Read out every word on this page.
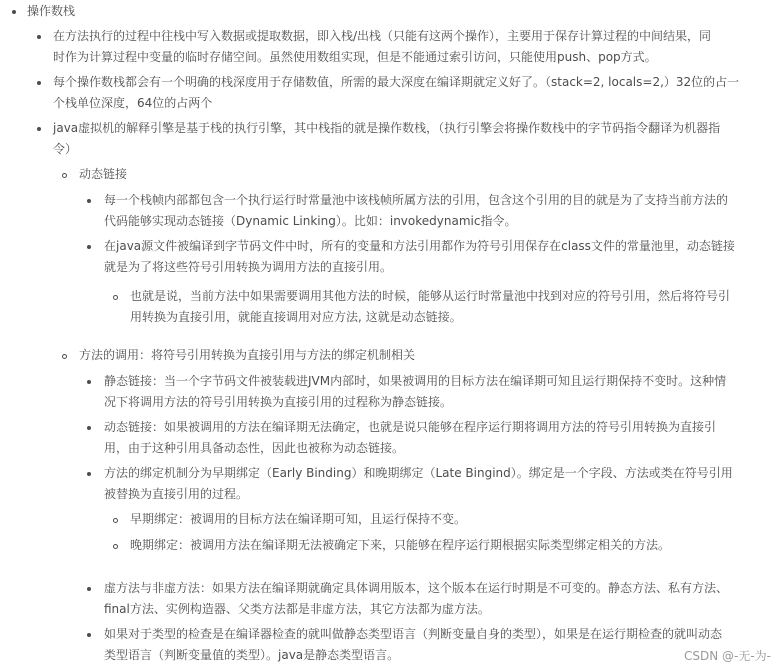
操作数栈
在方法执行的过程中往栈中写入数据或提取数据，即入栈/出栈（只能有这两个操作），主要用于保存计算过程的中间结果，同
时作为计算过程中变量的临时存储空间。虽然使用数组实现，但是不能通过索引访问，只能使用push、pop方式。
每个操作数栈都会有一个明确的栈深度用于存储数值，所需的最大深度在编译期就定义好了。（stack=2, locals=2,）32位的占一
个栈单位深度，64位的占两个
java虚拟机的解释引擎是基于栈的执行引擎，其中栈指的就是操作数栈，（执行引擎会将操作数栈中的字节码指令翻译为机器指
令）
动态链接
每一个栈帧内部都包含一个执行运行时常量池中该栈帧所属方法的引用，包含这个引用的目的就是为了支持当前方法的
代码能够实现动态链接（Dynamic Linking）。比如：invokedynamic指令。
在java源文件被编译到字节码文件中时，所有的变量和方法引用都作为符号引用保存在class文件的常量池里，动态链接
就是为了将这些符号引用转换为调用方法的直接引用。
也就是说，当前方法中如果需要调用其他方法的时候，能够从运行时常量池中找到对应的符号引用，然后将符号引
用转换为直接引用，就能直接调用对应方法, 这就是动态链接。
方法的调用：将符号引用转换为直接引用与方法的绑定机制相关
静态链接：当一个字节码文件被装载进JVM内部时，如果被调用的目标方法在编译期可知且运行期保持不变时。这种情
况下将调用方法的符号引用转换为直接引用的过程称为静态链接。
动态链接：如果被调用的方法在编译期无法确定，也就是说只能够在程序运行期将调用方法的符号引用转换为直接引
用，由于这种引用具备动态性，因此也被称为动态链接。
方法的绑定机制分为早期绑定（Early Binding）和晚期绑定（Late Bingind）。绑定是一个字段、方法或类在符号引用
被替换为直接引用的过程。
早期绑定：被调用的目标方法在编译期可知，且运行保持不变。
晚期绑定：被调用方法在编译期无法被确定下来，只能够在程序运行期根据实际类型绑定相关的方法。
虚方法与非虚方法：如果方法在编译期就确定具体调用版本，这个版本在运行时期是不可变的。静态方法、私有方法、
final方法、实例构造器、父类方法都是非虚方法，其它方法都为虚方法。
如果对于类型的检查是在编译器检查的就叫做静态类型语言（判断变量自身的类型），如果是在运行期检查的就叫动态
类型语言（判断变量值的类型）。java是静态类型语言。	CSDN @-无-为-
